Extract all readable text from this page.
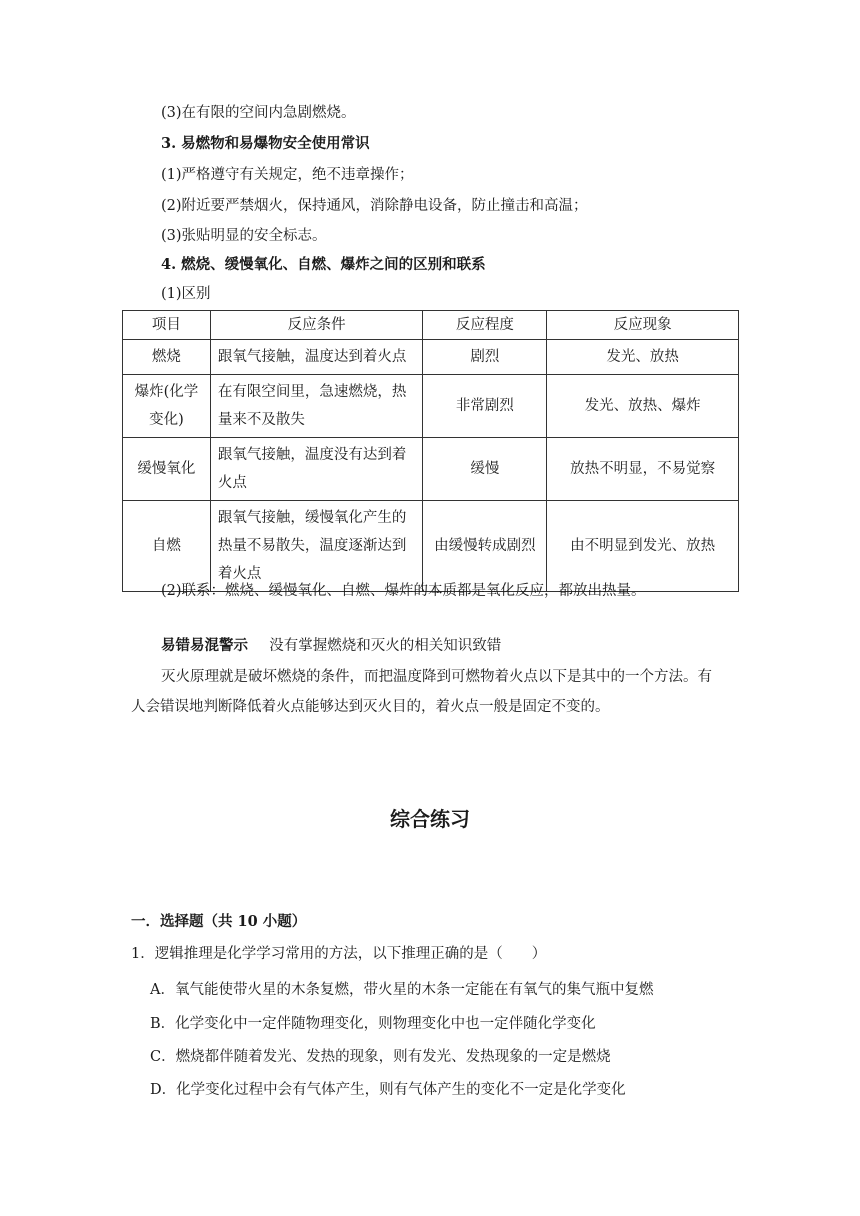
(3)在有限的空间内急剧燃烧。
3. 易燃物和易爆物安全使用常识
(1)严格遵守有关规定，绝不违章操作；
(2)附近要严禁烟火，保持通风，消除静电设备，防止撞击和高温；
(3)张贴明显的安全标志。
4. 燃烧、缓慢氧化、自燃、爆炸之间的区别和联系
(1)区别
项目	反应条件	反应程度	反应现象
燃烧	跟氧气接触，温度达到着火点	剧烈	发光、放热
爆炸(化学变化)	在有限空间里，急速燃烧，热量来不及散失	非常剧烈	发光、放热、爆炸
缓慢氧化	跟氧气接触，温度没有达到着火点	缓慢	放热不明显，不易觉察
自燃	跟氧气接触，缓慢氧化产生的热量不易散失，温度逐渐达到着火点	由缓慢转成剧烈	由不明显到发光、放热
(2)联系：燃烧、缓慢氧化、自燃、爆炸的本质都是氧化反应，都放出热量。
易错易混警示 没有掌握燃烧和灭火的相关知识致错
灭火原理就是破坏燃烧的条件，而把温度降到可燃物着火点以下是其中的一个方法。有
人会错误地判断降低着火点能够达到灭火目的，着火点一般是固定不变的。
综合练习
一．选择题（共 10 小题）
1．逻辑推理是化学学习常用的方法，以下推理正确的是（　　）
A．氧气能使带火星的木条复燃，带火星的木条一定能在有氧气的集气瓶中复燃
B．化学变化中一定伴随物理变化，则物理变化中也一定伴随化学变化
C．燃烧都伴随着发光、发热的现象，则有发光、发热现象的一定是燃烧
D．化学变化过程中会有气体产生，则有气体产生的变化不一定是化学变化
